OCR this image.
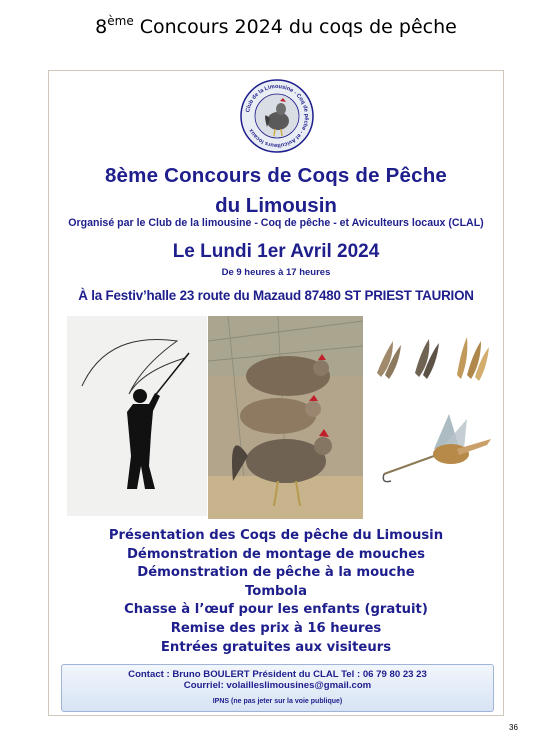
8ème Concours 2024 du coqs de pêche
Club de la Limousine - Coq de pêche - et Aviculteurs locaux
8ème Concours de Coqs de Pêche
du Limousin
Organisé par le Club de la limousine - Coq de pêche - et Aviculteurs locaux (CLAL)
Le Lundi 1er Avril 2024
De 9 heures à 17 heures
À la Festiv’halle 23 route du Mazaud 87480 ST PRIEST TAURION
Présentation des Coqs de pêche du Limousin
Démonstration de montage de mouches
Démonstration de pêche à la mouche
Tombola
Chasse à l’œuf pour les enfants (gratuit)
Remise des prix à 16 heures
Entrées gratuites aux visiteurs
Contact : Bruno BOULERT Président du CLAL Tel : 06 79 80 23 23
Courriel: volailleslimousines@gmail.com
IPNS (ne pas jeter sur la voie publique)
36
